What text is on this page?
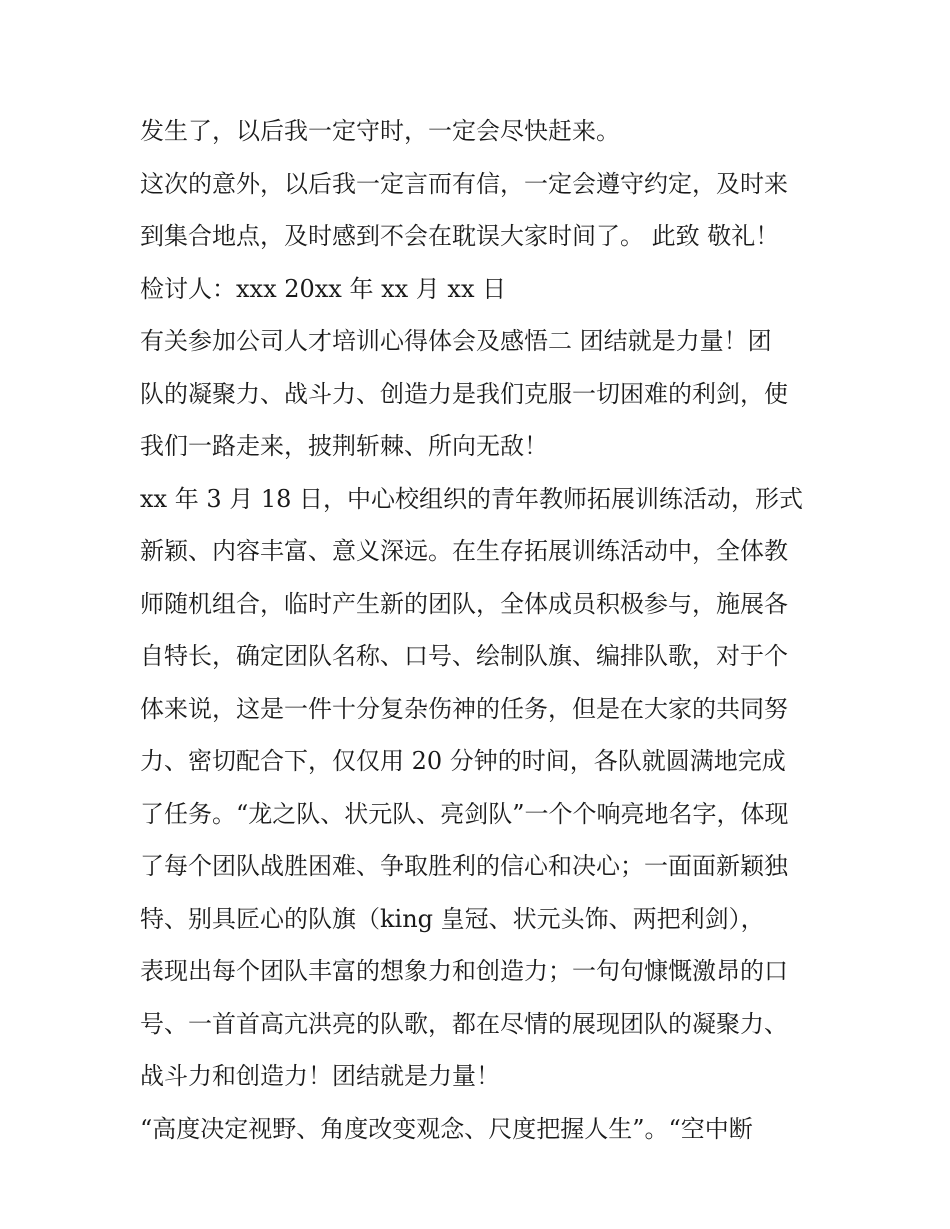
发生了，以后我一定守时，一定会尽快赶来。
这次的意外，以后我一定言而有信，一定会遵守约定，及时来
到集合地点，及时感到不会在耽误大家时间了。 此致 敬礼！
检讨人：xxx 20xx 年 xx 月 xx 日
有关参加公司人才培训心得体会及感悟二 团结就是力量！团
队的凝聚力、战斗力、创造力是我们克服一切困难的利剑，使
我们一路走来，披荆斩棘、所向无敌！
xx 年 3 月 18 日，中心校组织的青年教师拓展训练活动，形式
新颖、内容丰富、意义深远。在生存拓展训练活动中，全体教
师随机组合，临时产生新的团队，全体成员积极参与，施展各
自特长，确定团队名称、口号、绘制队旗、编排队歌，对于个
体来说，这是一件十分复杂伤神的任务，但是在大家的共同努
力、密切配合下，仅仅用 20 分钟的时间，各队就圆满地完成
了任务。“龙之队、状元队、亮剑队”一个个响亮地名字，体现
了每个团队战胜困难、争取胜利的信心和决心；一面面新颖独
特、别具匠心的队旗（king 皇冠、状元头饰、两把利剑），
表现出每个团队丰富的想象力和创造力；一句句慷慨激昂的口
号、一首首高亢洪亮的队歌，都在尽情的展现团队的凝聚力、
战斗力和创造力！团结就是力量！
“高度决定视野、角度改变观念、尺度把握人生”。“空中断
